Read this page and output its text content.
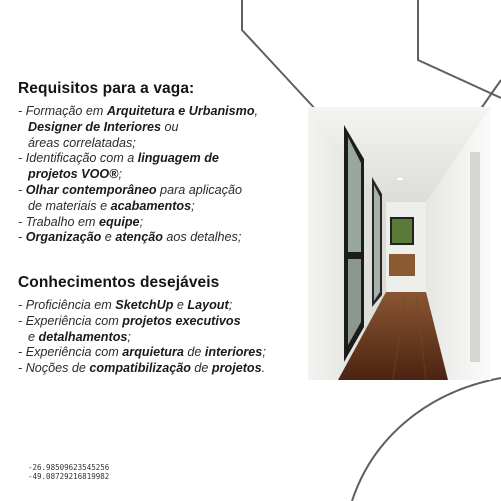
Requisitos para a vaga:
- Formação em Arquitetura e Urbanismo,
Designer de Interiores ou
áreas correlatadas;
- Identificação com a linguagem de
projetos VOO®;
- Olhar contemporâneo para aplicação
de materiais e acabamentos;
- Trabalho em equipe;
- Organização e atenção aos detalhes;
Conhecimentos desejáveis
- Proficiência em SketchUp e Layout;
- Experiência com projetos executivos
e detalhamentos;
- Experiência com arquietura de interiores;
- Noções de compatibilização de projetos.
-26.98509623545256
-49.08729216819982
